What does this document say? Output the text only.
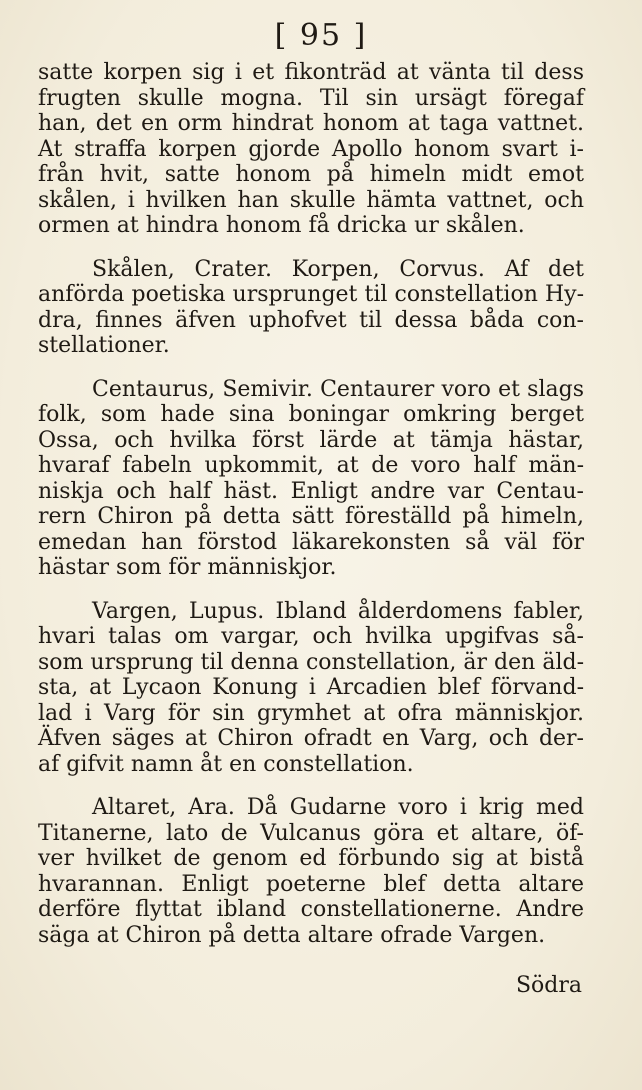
[ 95 ]
satte korpen sig i et fikonträd at vänta til dess
frugten skulle mogna. Til sin ursägt föregaf
han, det en orm hindrat honom at taga vattnet.
At straffa korpen gjorde Apollo honom svart i-
från hvit, satte honom på himeln midt emot
skålen, i hvilken han skulle hämta vattnet, och
ormen at hindra honom få dricka ur skålen.
Skålen, Crater. Korpen, Corvus. Af det
anförda poetiska ursprunget til constellation Hy-
dra, finnes äfven uphofvet til dessa båda con-
stellationer.
Centaurus, Semivir. Centaurer voro et slags
folk, som hade sina boningar omkring berget
Ossa, och hvilka först lärde at tämja hästar,
hvaraf fabeln upkommit, at de voro half män-
niskja och half häst. Enligt andre var Centau-
rern Chiron på detta sätt föreställd på himeln,
emedan han förstod läkarekonsten så väl för
hästar som för människjor.
Vargen, Lupus. Ibland ålderdomens fabler,
hvari talas om vargar, och hvilka upgifvas så-
som ursprung til denna constellation, är den äld-
sta, at Lycaon Konung i Arcadien blef förvand-
lad i Varg för sin grymhet at ofra människjor.
Äfven säges at Chiron ofradt en Varg, och der-
af gifvit namn åt en constellation.
Altaret, Ara. Då Gudarne voro i krig med
Titanerne, lato de Vulcanus göra et altare, öf-
ver hvilket de genom ed förbundo sig at bistå
hvarannan. Enligt poeterne blef detta altare
derföre flyttat ibland constellationerne. Andre
säga at Chiron på detta altare ofrade Vargen.
Södra
